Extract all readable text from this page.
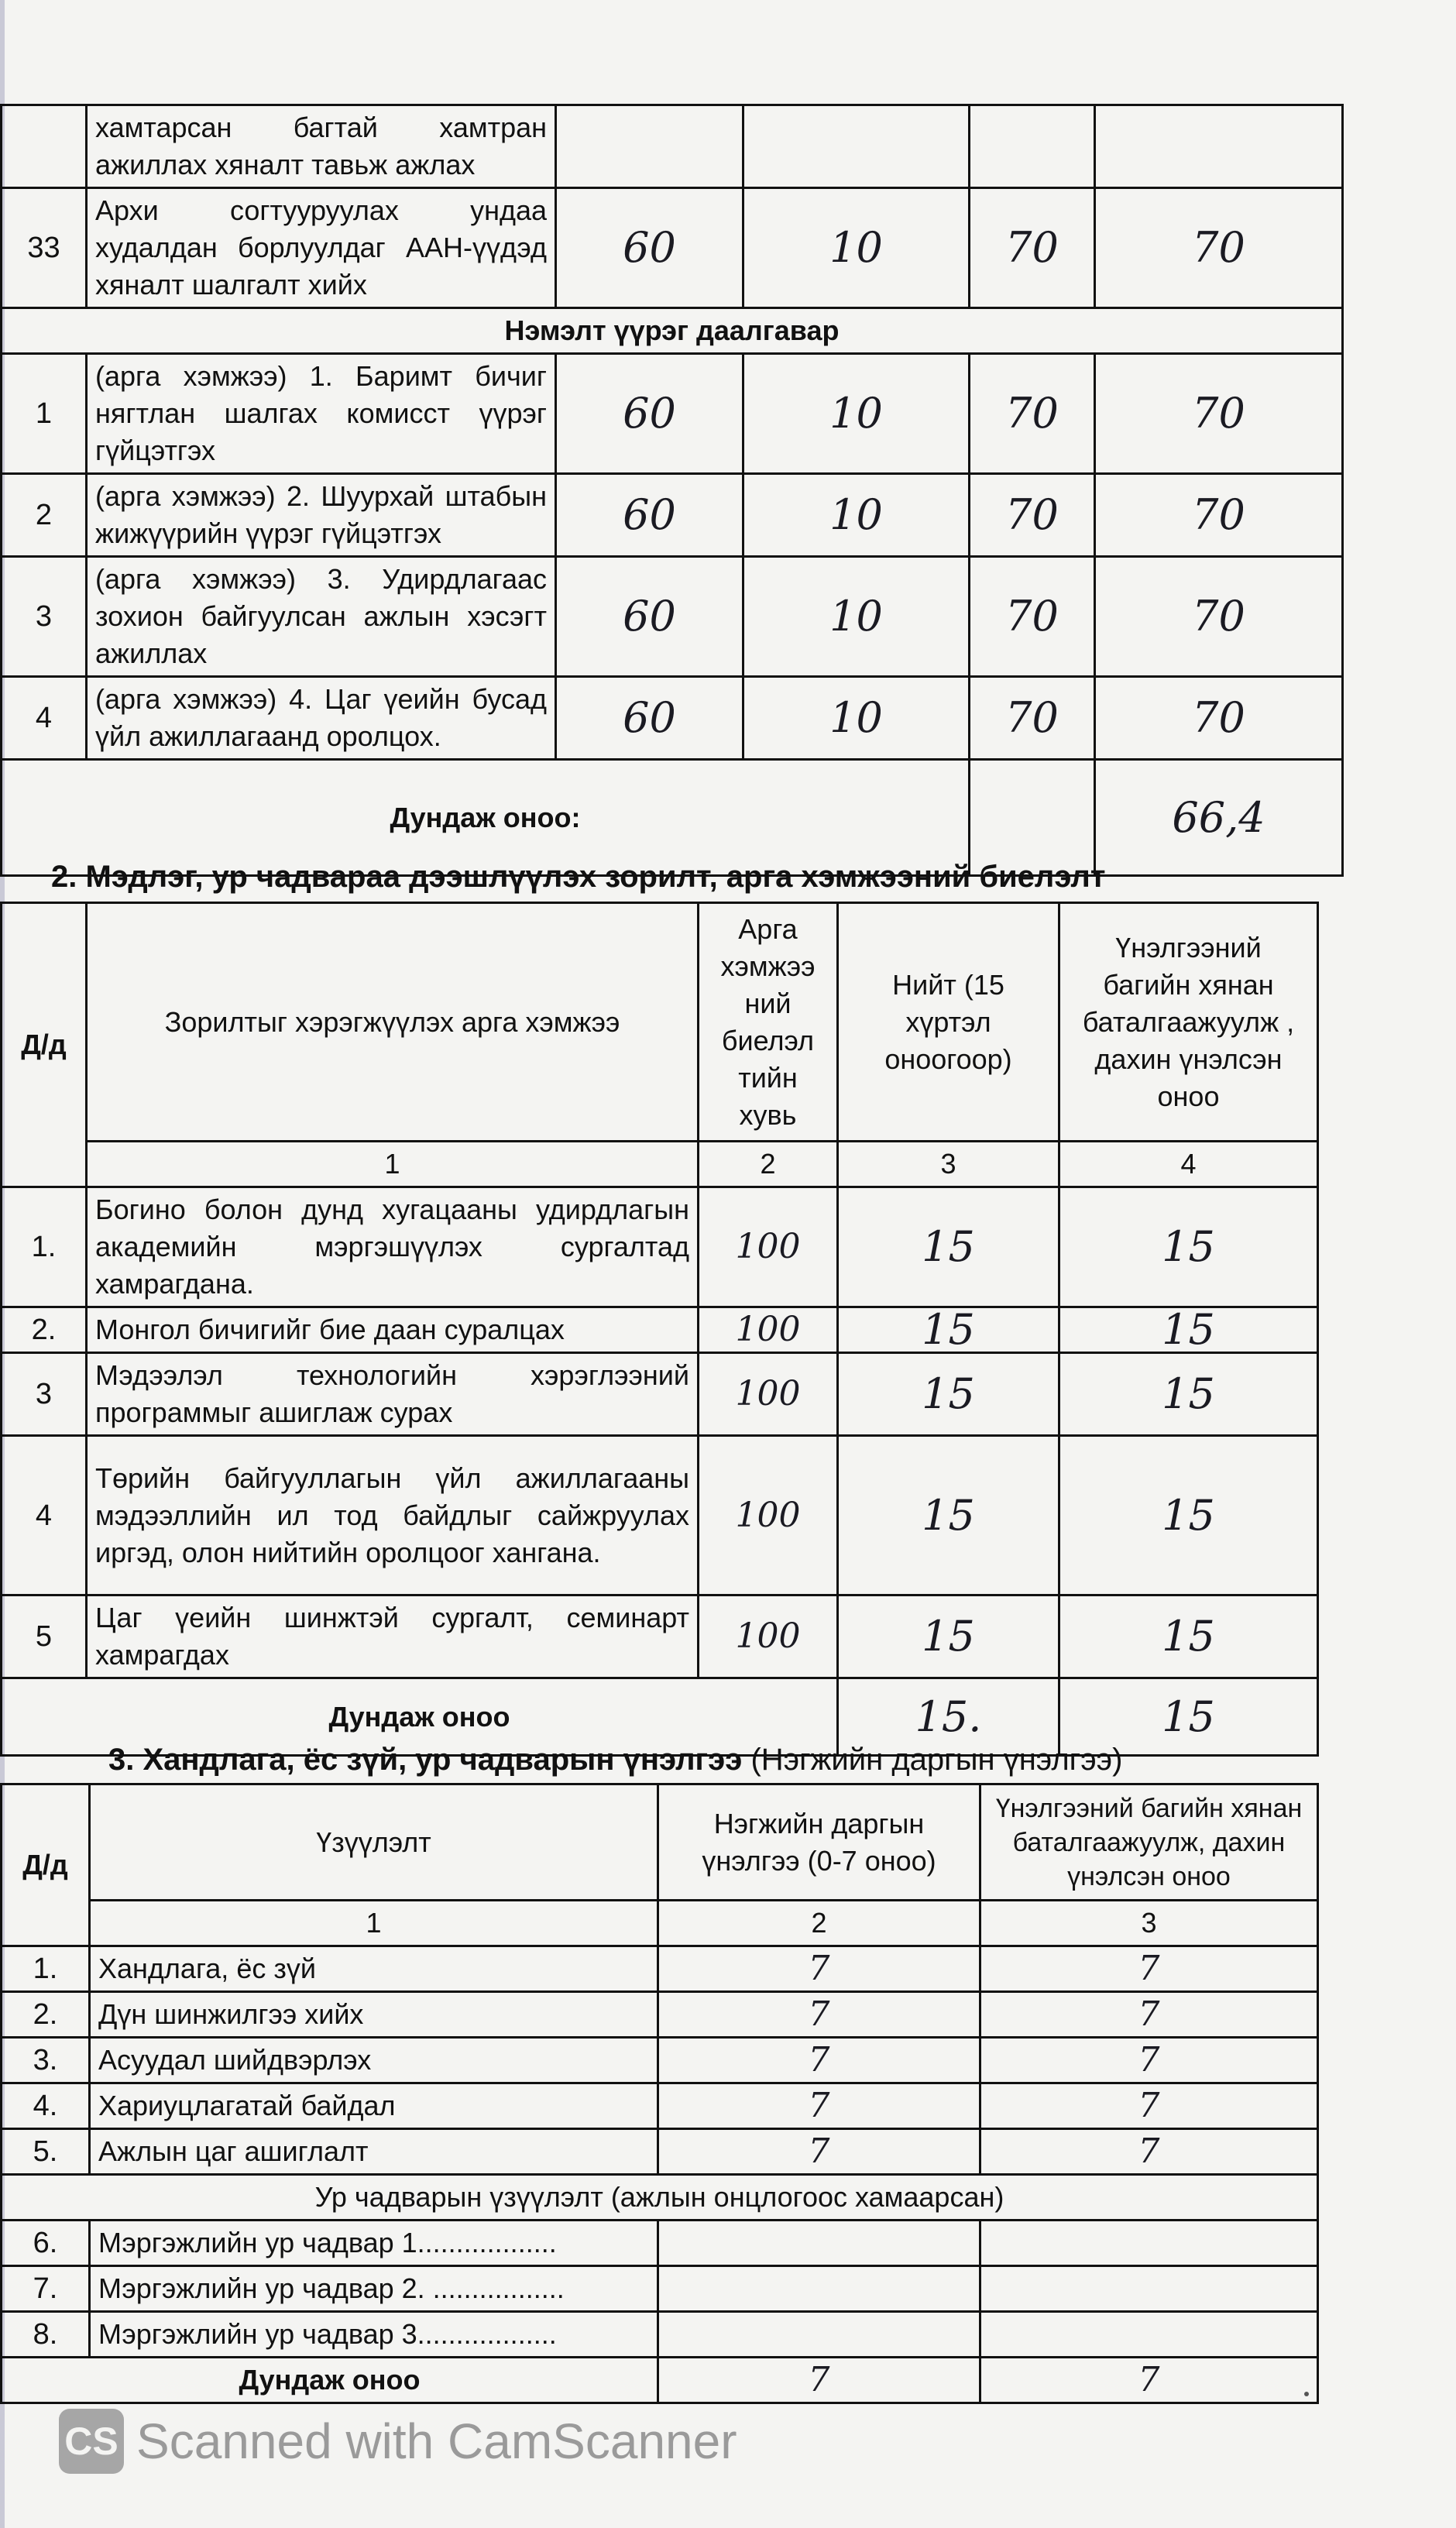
	хамтарсан багтай хамтран ажиллах хяналт тавьж ажлах				
33	Архи согтууруулах ундаа худалдан борлуулдаг ААН-үүдэд хяналт шалгалт хийх	60	10	70	70
Нэмэлт үүрэг даалгавар					
1	(арга хэмжээ) 1. Баримт бичиг нягтлан шалгах комисст үүрэг гүйцэтгэх	60	10	70	70
2	(арга хэмжээ) 2. Шуурхай штабын жижүүрийн үүрэг гүйцэтгэх	60	10	70	70
3	(арга хэмжээ) 3. Удирдлагаас зохион байгуулсан ажлын хэсэгт ажиллах	60	10	70	70
4	(арга хэмжээ) 4. Цаг үеийн бусад үйл ажиллагаанд оролцох.	60	10	70	70
Дундаж оноо:					66,4
2. Мэдлэг, ур чадвараа дээшлүүлэх зорилт, арга хэмжээний биелэлт
Д/д	Зорилтыг хэрэгжүүлэх арга хэмжээ	Арга хэмжээ ний биелэл тийн хувь	Нийт (15 хүртэл оноогоор)	Үнэлгээний багийн хянан баталгаажуулж , дахин үнэлсэн оноо
	1	2	3	4
1.	Богино болон дунд хугацааны удирдлагын академийн мэргэшүүлэх сургалтад хамрагдана.	100	15	15
2.	Монгол бичигийг бие даан суралцах	100	15	15
3	Мэдээлэл технологийн хэрэглээний программыг ашиглаж сурах	100	15	15
4	Төрийн байгууллагын үйл ажиллагааны мэдээллийн ил тод байдлыг сайжруулах иргэд, олон нийтийн оролцоог хангана.	100	15	15
5	Цаг үеийн шинжтэй сургалт, семинарт хамрагдах	100	15	15
Дундаж оноо			15.	15
3. Хандлага, ёс зүй, ур чадварын үнэлгээ (Нэгжийн даргын үнэлгээ)
Д/д	Үзүүлэлт	Нэгжийн даргын үнэлгээ (0-7 оноо)	Үнэлгээний багийн хянан баталгаажуулж, дахин үнэлсэн оноо
	1	2	3
1.	Хандлага, ёс зүй	7	7
2.	Дүн шинжилгээ хийх	7	7
3.	Асуудал шийдвэрлэх	7	7
4.	Хариуцлагатай байдал	7	7
5.	Ажлын цаг ашиглалт	7	7
Ур чадварын үзүүлэлт (ажлын онцлогоос хамаарсан)			
6.	Мэргэжлийн ур чадвар 1..................		
7.	Мэргэжлийн ур чадвар 2. .................		
8.	Мэргэжлийн ур чадвар 3..................		
Дундаж оноо		7	7
CS Scanned with CamScanner
